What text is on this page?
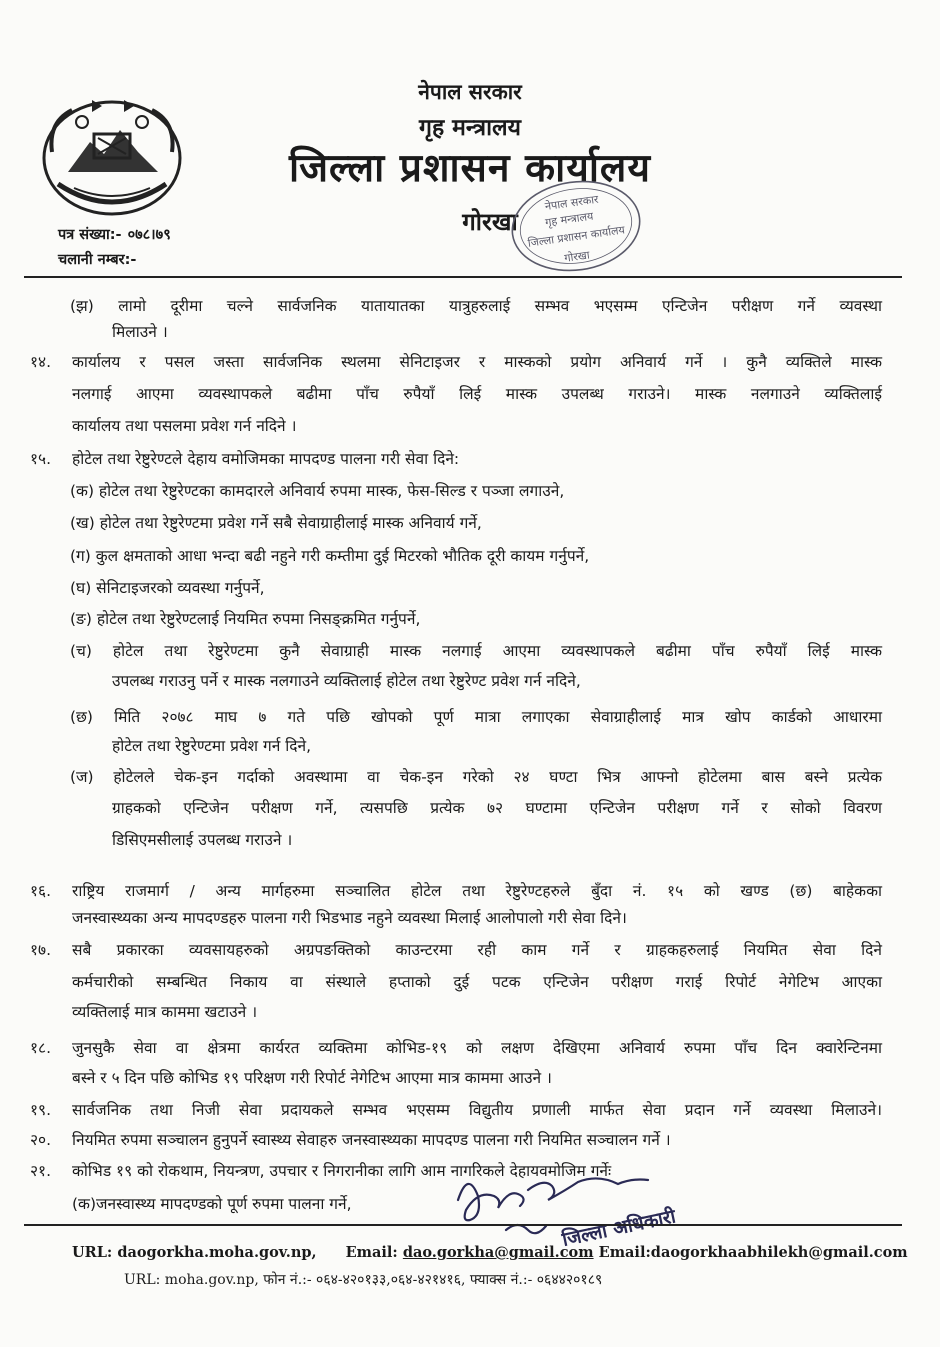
नेपाल सरकार
गृह मन्त्रालय
जिल्ला प्रशासन कार्यालय
गोरखा
पत्र संख्या:- ०७८।७९
चलानी नम्बर:-
नेपाल सरकार
गृह मन्त्रालय
जिल्ला प्रशासन कार्यालय
गोरखा
(झ) लामो दूरीमा चल्ने सार्वजनिक यातायातका यात्रुहरुलाई सम्भव भएसम्म एन्टिजेन परीक्षण गर्ने व्यवस्था
मिलाउने ।
१४. कार्यालय र पसल जस्ता सार्वजनिक स्थलमा सेनिटाइजर र मास्कको प्रयोग अनिवार्य गर्ने । कुनै व्यक्तिले मास्क
नलगाई आएमा व्यवस्थापकले बढीमा पाँच रुपैयाँ लिई मास्क उपलब्ध गराउने। मास्क नलगाउने व्यक्तिलाई
कार्यालय तथा पसलमा प्रवेश गर्न नदिने ।
१५. होटेल तथा रेष्टुरेण्टले देहाय वमोजिमका मापदण्ड पालना गरी सेवा दिने:
(क) होटेल तथा रेष्टुरेण्टका कामदारले अनिवार्य रुपमा मास्क, फेस-सिल्ड र पञ्जा लगाउने,
(ख) होटेल तथा रेष्टुरेण्टमा प्रवेश गर्ने सबै सेवाग्राहीलाई मास्क अनिवार्य गर्ने,
(ग) कुल क्षमताको आधा भन्दा बढी नहुने गरी कम्तीमा दुई मिटरको भौतिक दूरी कायम गर्नुपर्ने,
(घ) सेनिटाइजरको व्यवस्था गर्नुपर्ने,
(ङ) होटेल तथा रेष्टुरेण्टलाई नियमित रुपमा निसङ्क्रमित गर्नुपर्ने,
(च) होटेल तथा रेष्टुरेण्टमा कुनै सेवाग्राही मास्क नलगाई आएमा व्यवस्थापकले बढीमा पाँच रुपैयाँ लिई मास्क
उपलब्ध गराउनु पर्ने र मास्क नलगाउने व्यक्तिलाई होटेल तथा रेष्टुरेण्ट प्रवेश गर्न नदिने,
(छ) मिति २०७८ माघ ७ गते पछि खोपको पूर्ण मात्रा लगाएका सेवाग्राहीलाई मात्र खोप कार्डको आधारमा
होटेल तथा रेष्टुरेण्टमा प्रवेश गर्न दिने,
(ज) होटेलले चेक-इन गर्दाको अवस्थामा वा चेक-इन गरेको २४ घण्टा भित्र आफ्नो होटेलमा बास बस्ने प्रत्येक
ग्राहकको एन्टिजेन परीक्षण गर्ने, त्यसपछि प्रत्येक ७२ घण्टामा एन्टिजेन परीक्षण गर्ने र सोको विवरण
डिसिएमसीलाई उपलब्ध गराउने ।
१६. राष्ट्रिय राजमार्ग / अन्य मार्गहरुमा सञ्चालित होटेल तथा रेष्टुरेण्टहरुले बुँदा नं. १५ को खण्ड (छ) बाहेकका
जनस्वास्थ्यका अन्य मापदण्डहरु पालना गरी भिडभाड नहुने व्यवस्था मिलाई आलोपालो गरी सेवा दिने।
१७. सबै प्रकारका व्यवसायहरुको अग्रपङक्तिको काउन्टरमा रही काम गर्ने र ग्राहकहरुलाई नियमित सेवा दिने
कर्मचारीको सम्बन्धित निकाय वा संस्थाले हप्ताको दुई पटक एन्टिजेन परीक्षण गराई रिपोर्ट नेगेटिभ आएका
व्यक्तिलाई मात्र काममा खटाउने ।
१८. जुनसुकै सेवा वा क्षेत्रमा कार्यरत व्यक्तिमा कोभिड-१९ को लक्षण देखिएमा अनिवार्य रुपमा पाँच दिन क्वारेन्टिनमा
बस्ने र ५ दिन पछि कोभिड १९ परिक्षण गरी रिपोर्ट नेगेटिभ आएमा मात्र काममा आउने ।
१९. सार्वजनिक तथा निजी सेवा प्रदायकले सम्भव भएसम्म विद्युतीय प्रणाली मार्फत सेवा प्रदान गर्ने व्यवस्था मिलाउने।
२०. नियमित रुपमा सञ्चालन हुनुपर्ने स्वास्थ्य सेवाहरु जनस्वास्थ्यका मापदण्ड पालना गरी नियमित सञ्चालन गर्ने ।
२१. कोभिड १९ को रोकथाम, नियन्त्रण, उपचार र निगरानीका लागि आम नागरिकले देहायवमोजिम गर्नेः
(क)जनस्वास्थ्य मापदण्डको पूर्ण रुपमा पालना गर्ने,
जिल्ला अधिकारी
URL: daogorkha.moha.gov.np, Email: dao.gorkha@gmail.com Email:daogorkhaabhilekh@gmail.com
URL: moha.gov.np, फोन नं.:- ०६४-४२०१३३,०६४-४२१४१६, फ्याक्स नं.:- ०६४४२०१८९
